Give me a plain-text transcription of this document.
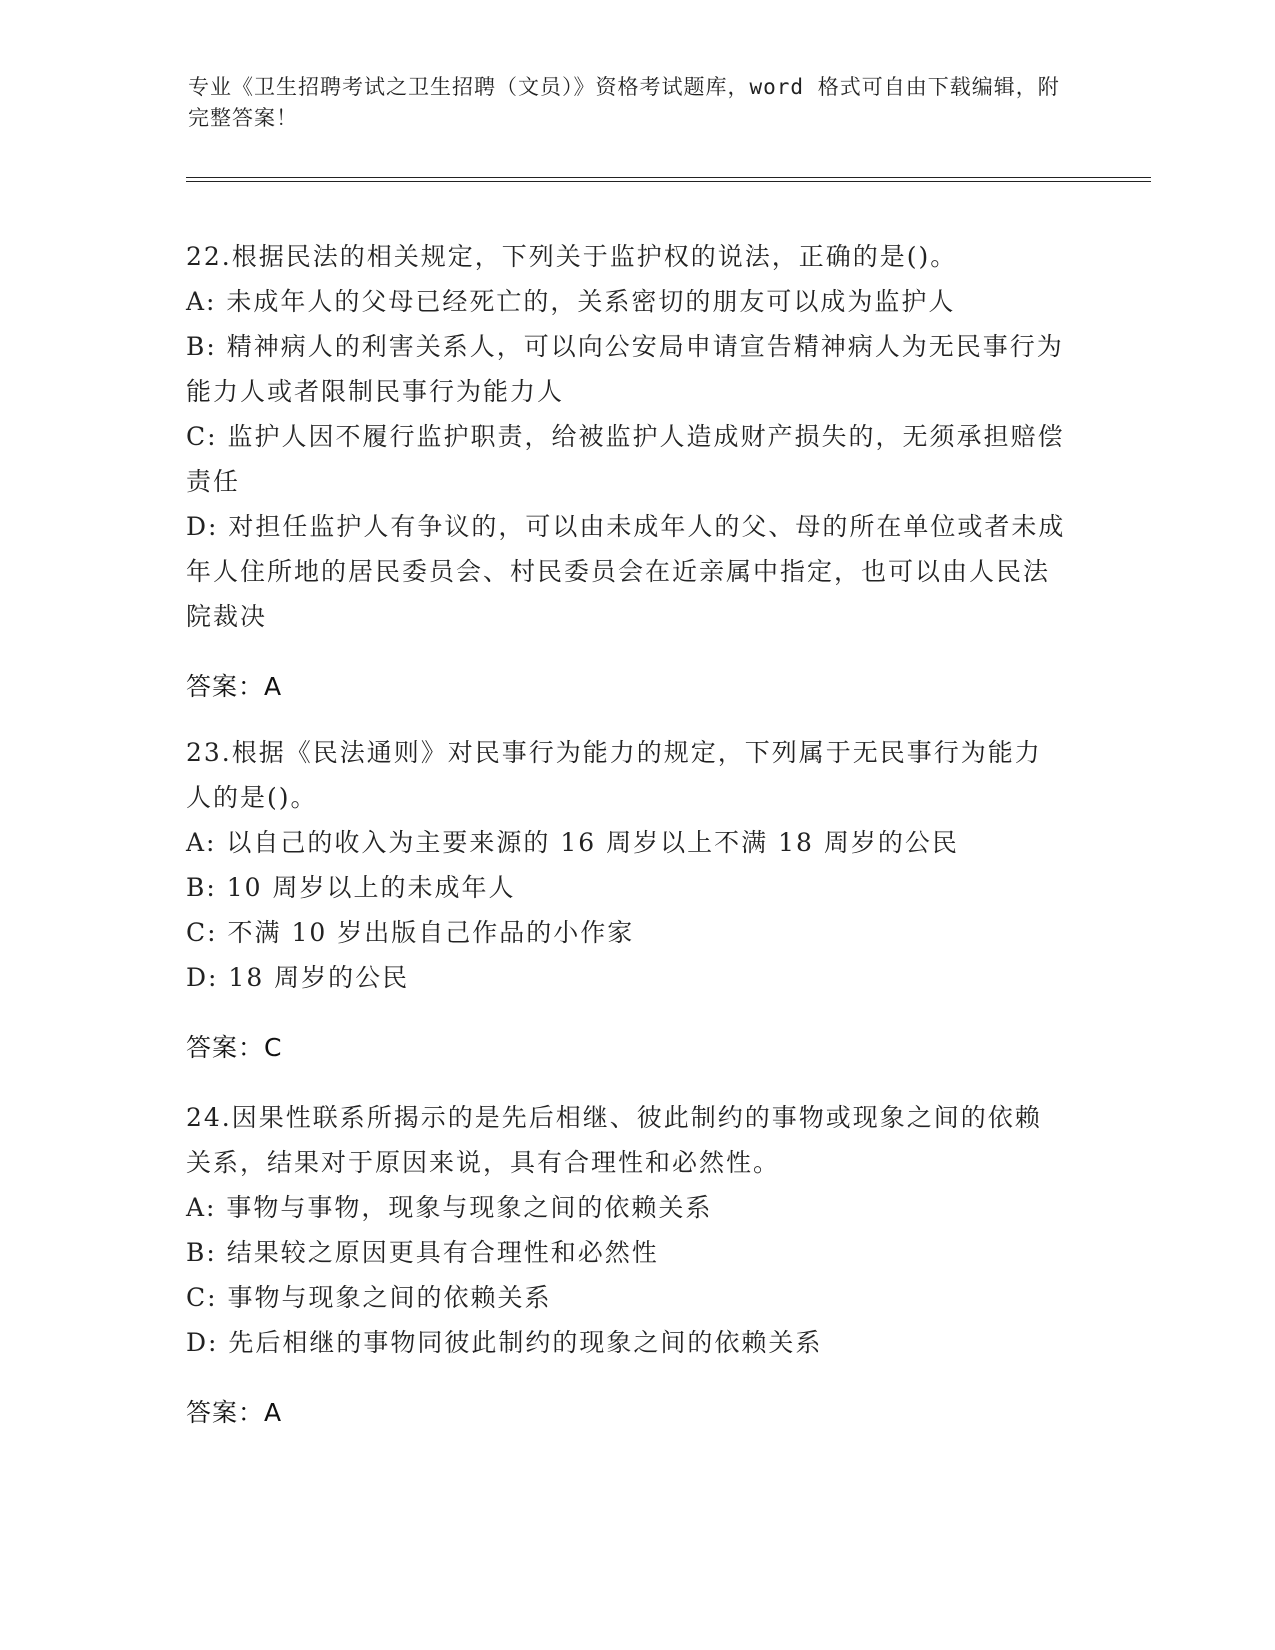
专业《卫生招聘考试之卫生招聘（文员）》资格考试题库，word 格式可自由下载编辑，附完整答案！

22.根据民法的相关规定，下列关于监护权的说法，正确的是()。

A: 未成年人的父母已经死亡的，关系密切的朋友可以成为监护人

B: 精神病人的利害关系人，可以向公安局申请宣告精神病人为无民事行为能力人或者限制民事行为能力人

C: 监护人因不履行监护职责，给被监护人造成财产损失的，无须承担赔偿责任

D: 对担任监护人有争议的，可以由未成年人的父、母的所在单位或者未成年人住所地的居民委员会、村民委员会在近亲属中指定，也可以由人民法院裁决

答案：A

23.根据《民法通则》对民事行为能力的规定，下列属于无民事行为能力人的是()。

A: 以自己的收入为主要来源的 16 周岁以上不满 18 周岁的公民

B: 10 周岁以上的未成年人

C: 不满 10 岁出版自己作品的小作家

D: 18 周岁的公民

答案：C

24.因果性联系所揭示的是先后相继、彼此制约的事物或现象之间的依赖关系，结果对于原因来说，具有合理性和必然性。

A: 事物与事物，现象与现象之间的依赖关系

B: 结果较之原因更具有合理性和必然性

C: 事物与现象之间的依赖关系

D: 先后相继的事物同彼此制约的现象之间的依赖关系

答案：A
